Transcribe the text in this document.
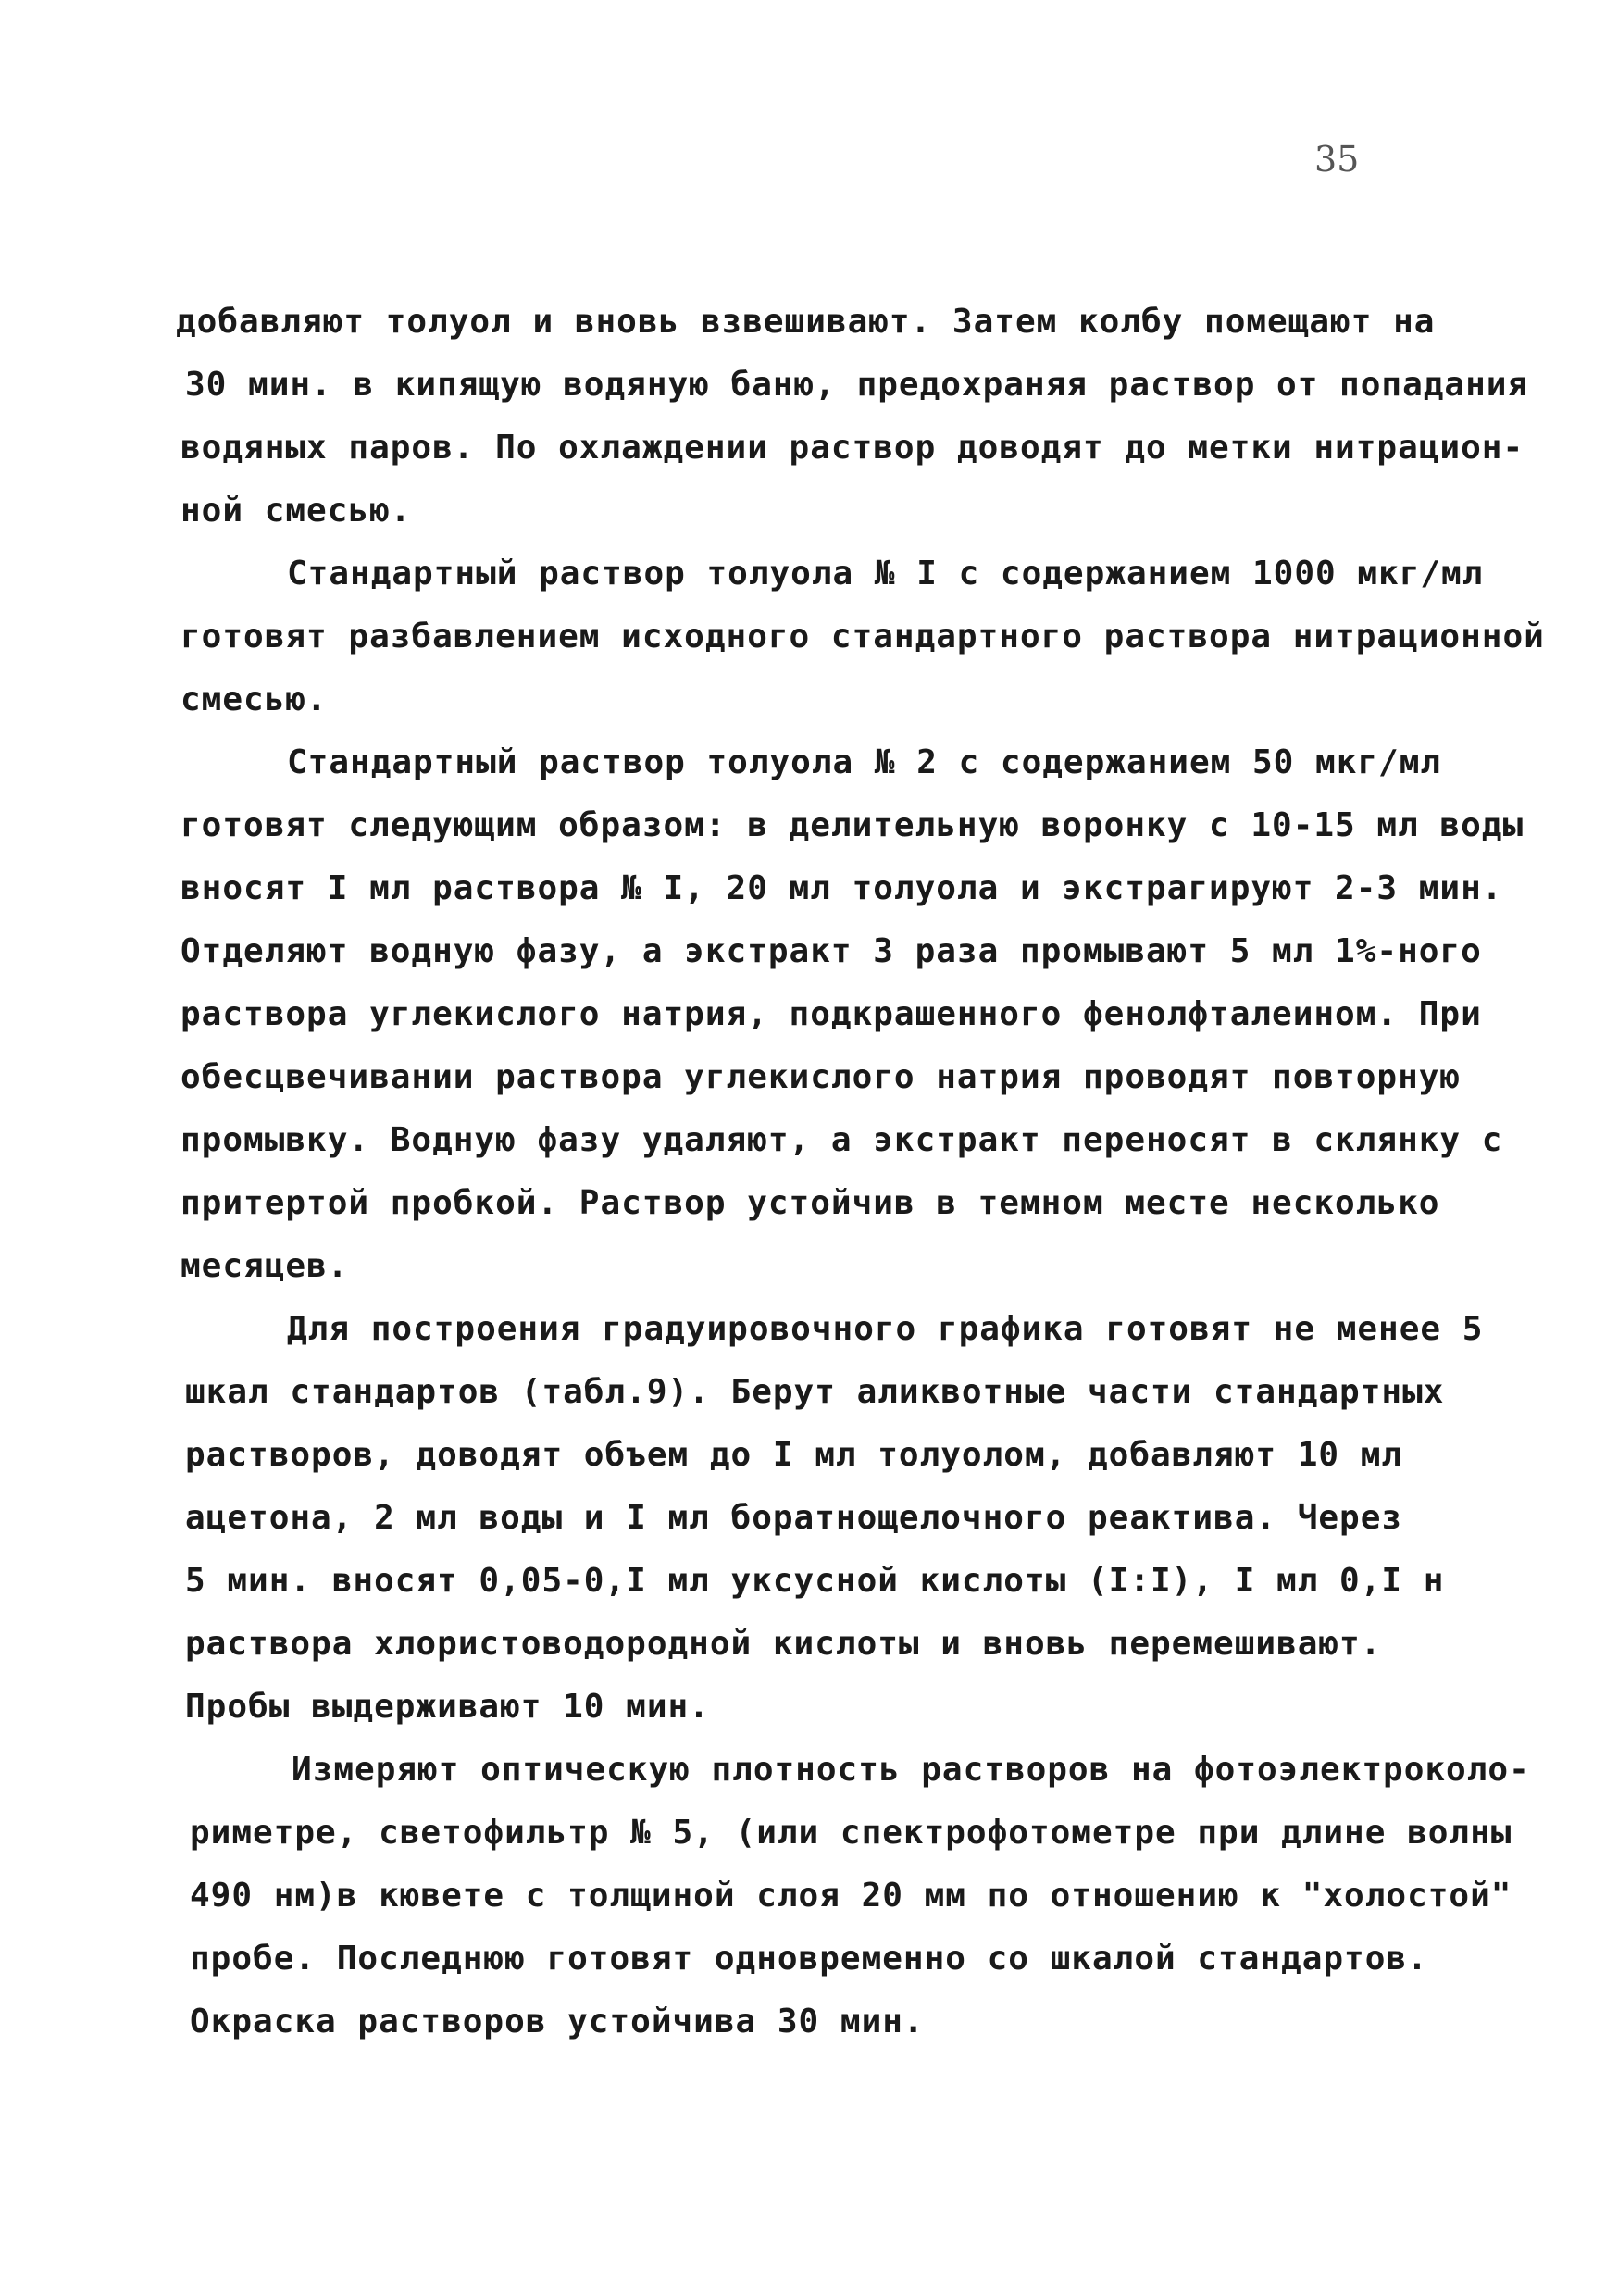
35
добавляют толуол и вновь взвешивают. Затем колбу помещают на
30 мин. в кипящую водяную баню, предохраняя раствор от попадания
водяных паров. По охлаждении раствор доводят до метки нитрацион-
ной смесью.
Стандартный раствор толуола № I с содержанием 1000 мкг/мл
готовят разбавлением исходного стандартного раствора нитрационной
смесью.
Стандартный раствор толуола № 2 с содержанием 50 мкг/мл
готовят следующим образом: в делительную воронку с 10-15 мл воды
вносят I мл раствора № I, 20 мл толуола и экстрагируют 2-3 мин.
Отделяют водную фазу, а экстракт 3 раза промывают 5 мл 1%-ного
раствора углекислого натрия, подкрашенного фенолфталеином. При
обесцвечивании раствора углекислого натрия проводят повторную
промывку. Водную фазу удаляют, а экстракт переносят в склянку с
притертой пробкой. Раствор устойчив в темном месте несколько
месяцев.
Для построения градуировочного графика готовят не менее 5
шкал стандартов (табл.9). Берут аликвотные части стандартных
растворов, доводят объем до I мл толуолом, добавляют 10 мл
ацетона, 2 мл воды и I мл боратнощелочного реактива. Через
5 мин. вносят 0,05-0,I мл уксусной кислоты (I:I), I мл 0,I н
раствора хлористоводородной кислоты и вновь перемешивают.
Пробы выдерживают 10 мин.
Измеряют оптическую плотность растворов на фотоэлектроколо-
риметре, светофильтр № 5, (или спектрофотометре при длине волны
490 нм)в кювете с толщиной слоя 20 мм по отношению к "холостой"
пробе. Последнюю готовят одновременно со шкалой стандартов.
Окраска растворов устойчива 30 мин.
